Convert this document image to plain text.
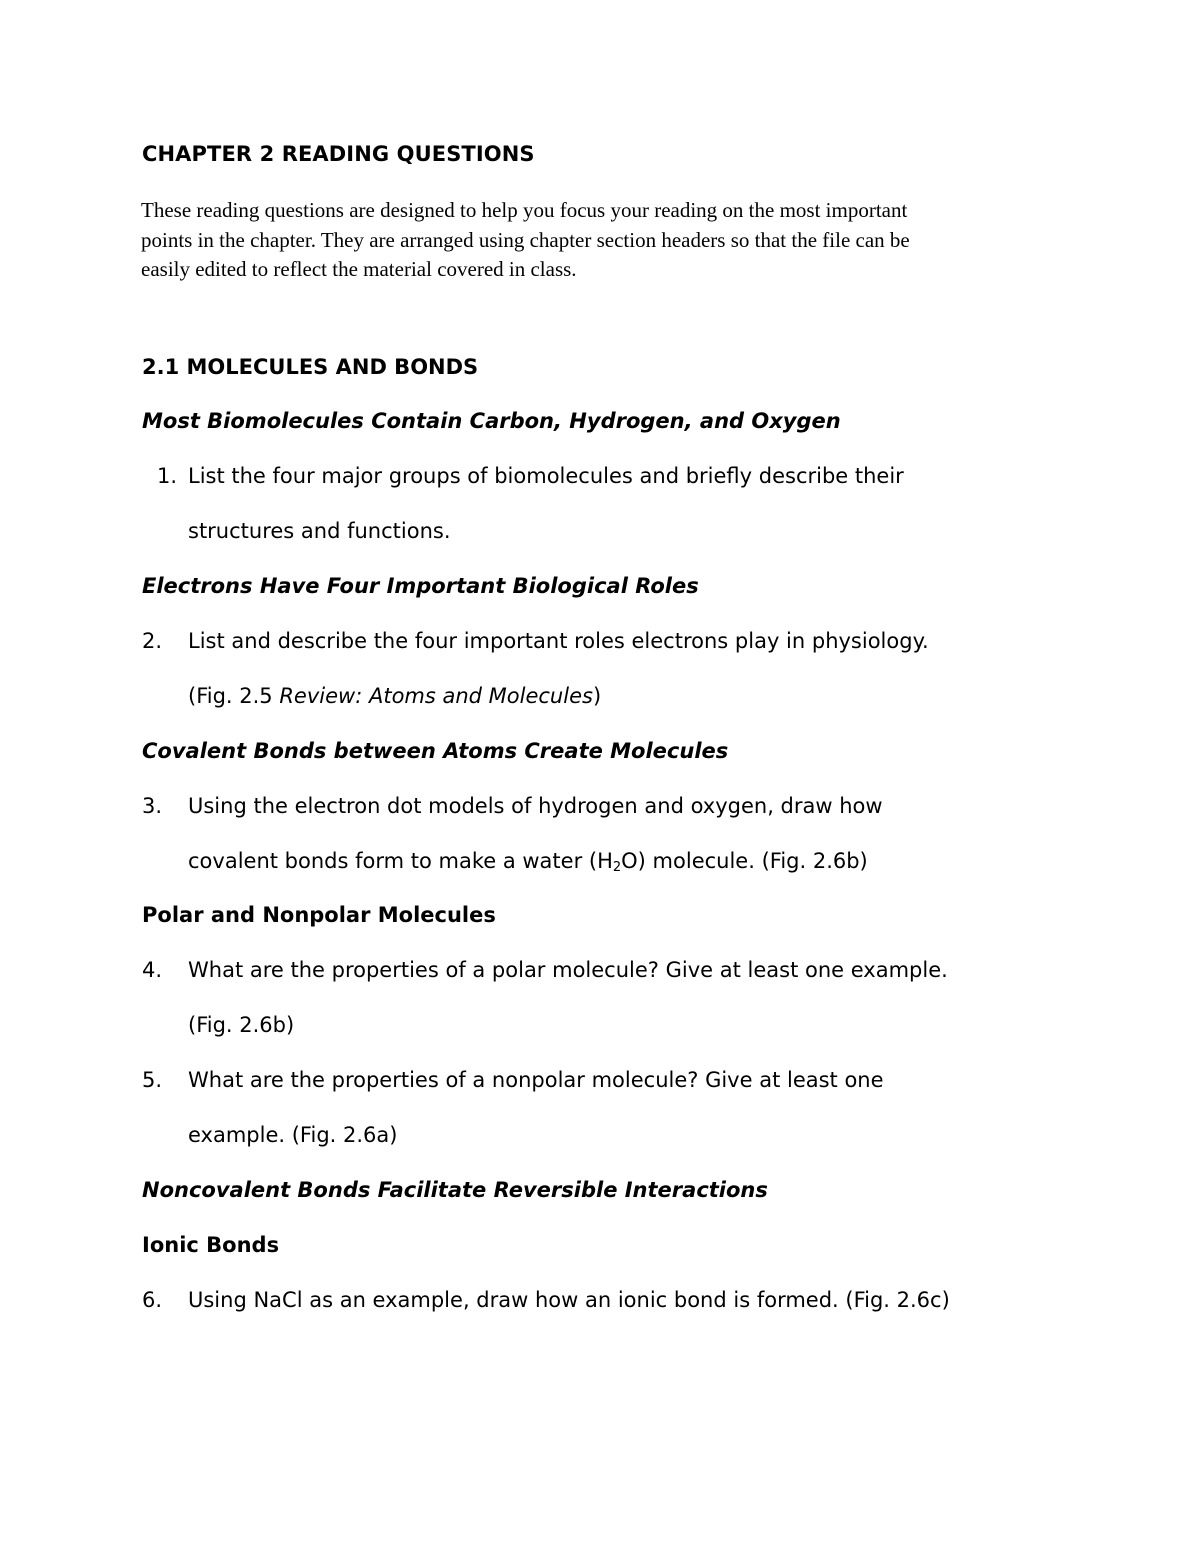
CHAPTER 2 READING QUESTIONS
These reading questions are designed to help you focus your reading on the most important
points in the chapter. They are arranged using chapter section headers so that the file can be
easily edited to reflect the material covered in class.
2.1 MOLECULES AND BONDS
Most Biomolecules Contain Carbon, Hydrogen, and Oxygen
1. List the four major groups of biomolecules and briefly describe their
structures and functions.
Electrons Have Four Important Biological Roles
2. List and describe the four important roles electrons play in physiology.
(Fig. 2.5 Review: Atoms and Molecules)
Covalent Bonds between Atoms Create Molecules
3. Using the electron dot models of hydrogen and oxygen, draw how
covalent bonds form to make a water $(H_2O)$ molecule. (Fig. 2.6b)
Polar and Nonpolar Molecules
4. What are the properties of a polar molecule? Give at least one example.
(Fig. 2.6b)
5. What are the properties of a nonpolar molecule? Give at least one
example. (Fig. 2.6a)
Noncovalent Bonds Facilitate Reversible Interactions
Ionic Bonds
6. Using NaCl as an example, draw how an ionic bond is formed. (Fig. 2.6c)
